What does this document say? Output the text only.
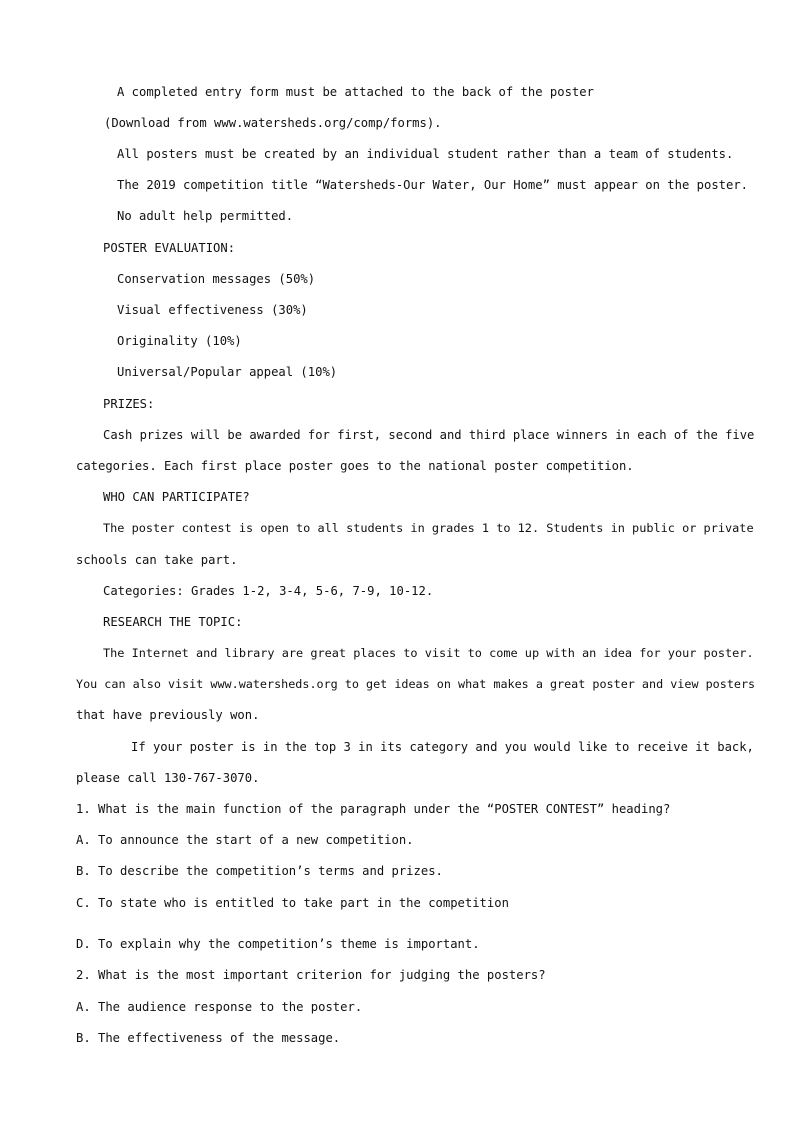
A completed entry form must be attached to the back of the poster

(Download from www.watersheds.org/comp/forms).

All posters must be created by an individual student rather than a team of students.

The 2019 competition title “Watersheds-Our Water, Our Home” must appear on the poster.

No adult help permitted.

POSTER EVALUATION:

Conservation messages (50%)

Visual effectiveness (30%)

Originality (10%)

Universal/Popular appeal (10%)

PRIZES:

Cash prizes will be awarded for first, second and third place winners in each of the five

categories. Each first place poster goes to the national poster competition.

WHO CAN PARTICIPATE?

The poster contest is open to all students in grades 1 to 12. Students in public or private

schools can take part.

Categories: Grades 1-2, 3-4, 5-6, 7-9, 10-12.

RESEARCH THE TOPIC:

The Internet and library are great places to visit to come up with an idea for your poster.

You can also visit www.watersheds.org to get ideas on what makes a great poster and view posters

that have previously won.

If your poster is in the top 3 in its category and you would like to receive it back,

please call 130-767-3070.

1. What is the main function of the paragraph under the “POSTER CONTEST” heading?

A. To announce the start of a new competition.

B. To describe the competition’s terms and prizes.

C. To state who is entitled to take part in the competition

D. To explain why the competition’s theme is important.

2. What is the most important criterion for judging the posters?

A. The audience response to the poster.

B. The effectiveness of the message.
